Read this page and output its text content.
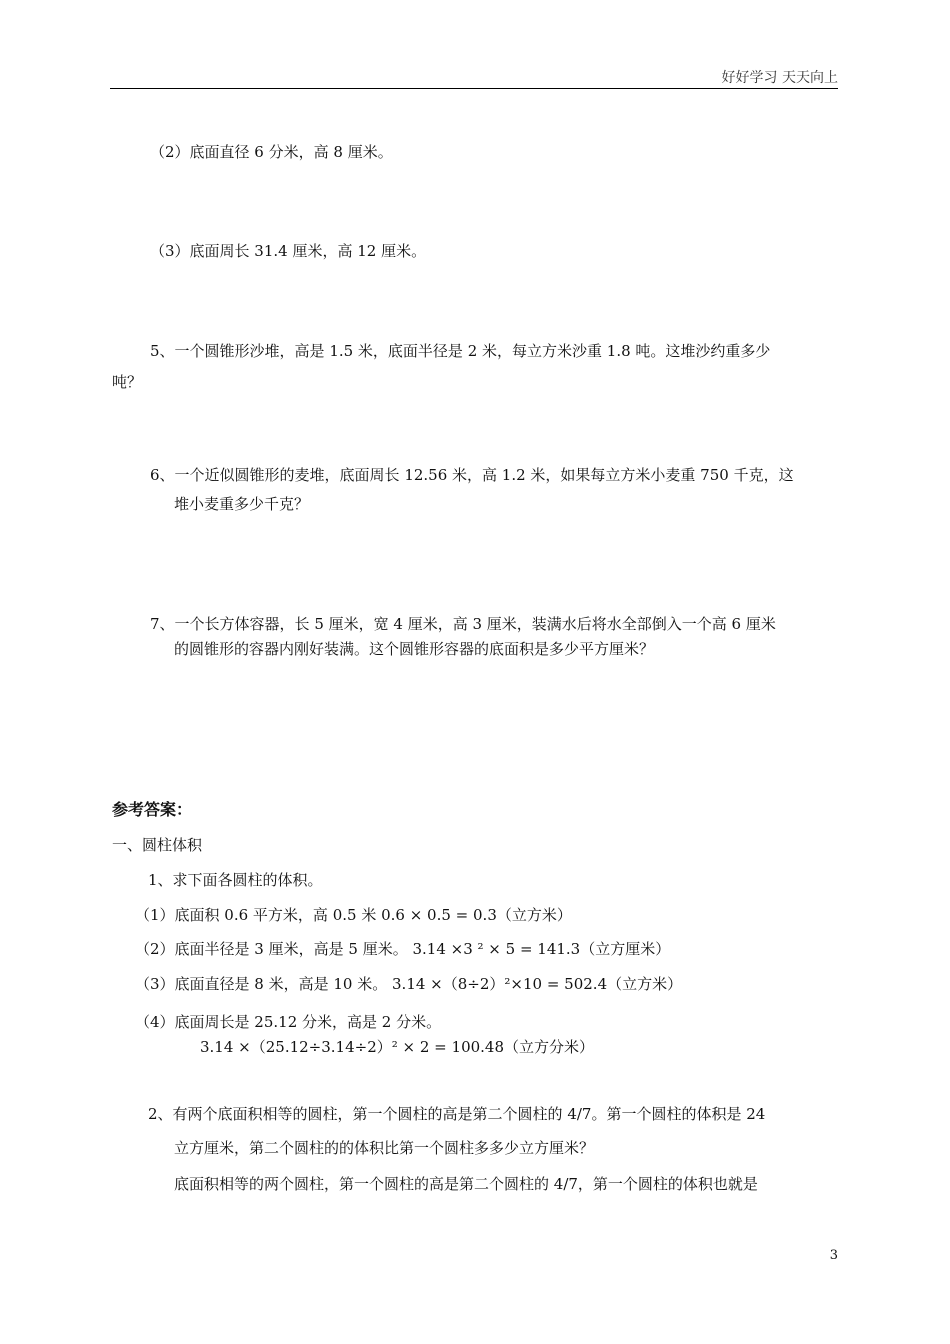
好好学习 天天向上
（2）底面直径 6 分米，高 8 厘米。
（3）底面周长 31.4 厘米，高 12 厘米。
5、一个圆锥形沙堆，高是 1.5 米，底面半径是 2 米，每立方米沙重 1.8 吨。这堆沙约重多少
吨？
6、一个近似圆锥形的麦堆，底面周长 12.56 米，高 1.2 米，如果每立方米小麦重 750 千克，这
堆小麦重多少千克？
7、一个长方体容器，长 5 厘米，宽 4 厘米，高 3 厘米，装满水后将水全部倒入一个高 6 厘米
的圆锥形的容器内刚好装满。这个圆锥形容器的底面积是多少平方厘米？
参考答案：
一、圆柱体积
1、求下面各圆柱的体积。
（1）底面积 0.6 平方米，高 0.5 米 0.6 × 0.5 = 0.3（立方米）
（2）底面半径是 3 厘米，高是 5 厘米。 3.14 ×3 ² × 5 = 141.3（立方厘米）
（3）底面直径是 8 米，高是 10 米。 3.14 ×（8÷2）²×10 = 502.4（立方米）
（4）底面周长是 25.12 分米，高是 2 分米。
3.14 ×（25.12÷3.14÷2）² × 2 = 100.48（立方分米）
2、有两个底面积相等的圆柱，第一个圆柱的高是第二个圆柱的 4/7。第一个圆柱的体积是 24
立方厘米，第二个圆柱的的体积比第一个圆柱多多少立方厘米？
底面积相等的两个圆柱，第一个圆柱的高是第二个圆柱的 4/7，第一个圆柱的体积也就是
3
